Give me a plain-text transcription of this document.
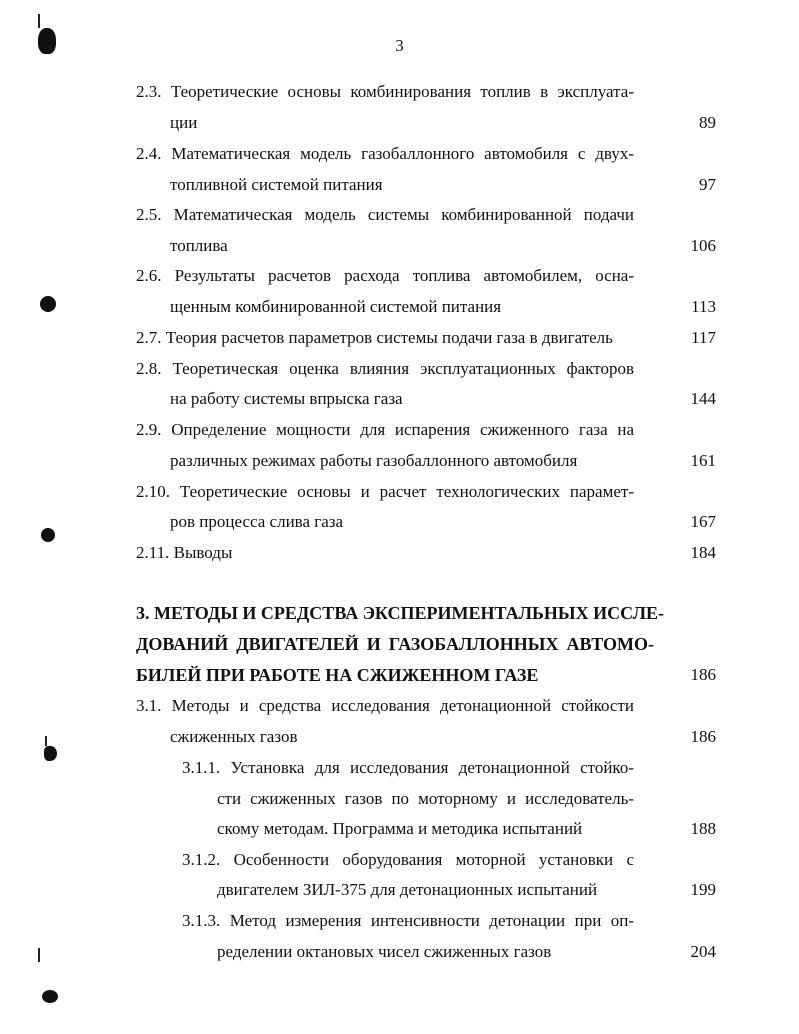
3
2.3. Теоретические основы комбинирования топлив в эксплуата-
ции	89
2.4. Математическая модель газобаллонного автомобиля с двух-
топливной системой питания	97
2.5. Математическая модель системы комбинированной подачи
топлива	106
2.6. Результаты расчетов расхода топлива автомобилем, осна-
щенным комбинированной системой питания	113
2.7. Теория расчетов параметров системы подачи газа в двигатель	117
2.8. Теоретическая оценка влияния эксплуатационных факторов
на работу системы впрыска газа	144
2.9. Определение мощности для испарения сжиженного газа на
различных режимах работы газобаллонного автомобиля	161
2.10. Теоретические основы и расчет технологических парамет-
ров процесса слива газа	167
2.11. Выводы	184
3. МЕТОДЫ И СРЕДСТВА ЭКСПЕРИМЕНТАЛЬНЫХ ИССЛЕ-
ДОВАНИЙ ДВИГАТЕЛЕЙ И ГАЗОБАЛЛОННЫХ АВТОМО-
БИЛЕЙ ПРИ РАБОТЕ НА СЖИЖЕННОМ ГАЗЕ	186
3.1. Методы и средства исследования детонационной стойкости
сжиженных газов	186
3.1.1. Установка для исследования детонационной стойко-
сти сжиженных газов по моторному и исследователь-
скому методам. Программа и методика испытаний	188
3.1.2. Особенности оборудования моторной установки с
двигателем ЗИЛ-375 для детонационных испытаний	199
3.1.3. Метод измерения интенсивности детонации при оп-
ределении октановых чисел сжиженных газов	204
